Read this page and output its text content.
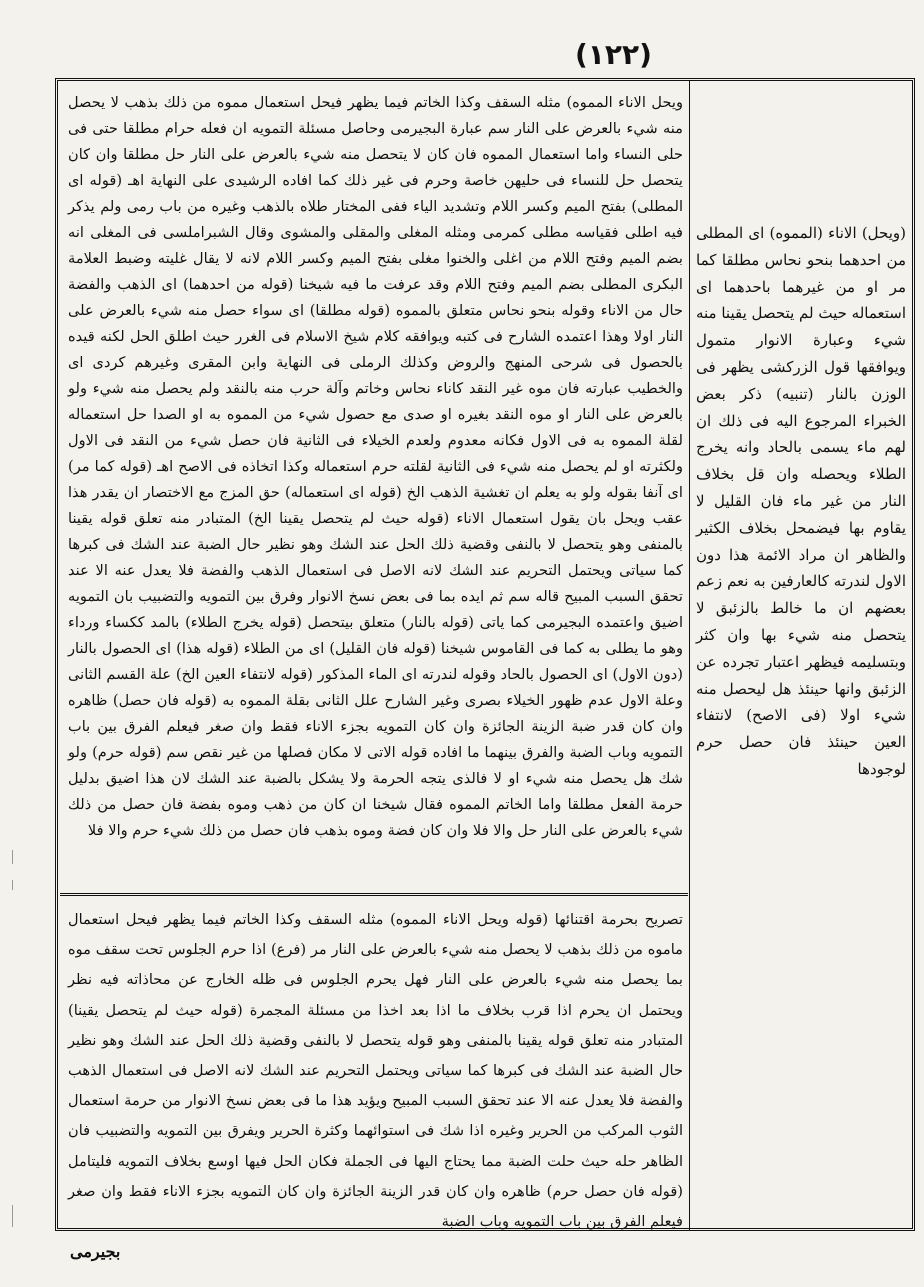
(١٢٢)

ويحل الاناء المموه) مثله السقف وكذا الخاتم فيما يظهر فيحل استعمال مموه من ذلك بذهب لا يحصل منه شيء بالعرض على النار سم عبارة البجيرمى وحاصل مسئلة التمويه ان فعله حرام مطلقا حتى فى حلى النساء واما استعمال المموه فان كان لا يتحصل منه شيء بالعرض على النار حل مطلقا وان كان يتحصل حل للنساء فى حليهن خاصة وحرم فى غير ذلك كما افاده الرشيدى على النهاية اهـ (قوله اى المطلى) بفتح الميم وكسر اللام وتشديد الياء ففى المختار طلاه بالذهب وغيره من باب رمى ولم يذكر فيه اطلى فقياسه مطلى كمرمى ومثله المغلى والمقلى والمشوى وقال الشبراملسى فى المغلى انه بضم الميم وفتح اللام من اغلى والخنوا مغلى بفتح الميم وكسر اللام لانه لا يقال غليته وضبط العلامة البكرى المطلى بضم الميم وفتح اللام وقد عرفت ما فيه شيخنا (قوله من احدهما) اى الذهب والفضة حال من الاناء وقوله بنحو نحاس متعلق بالمموه (قوله مطلقا) اى سواء حصل منه شيء بالعرض على النار اولا وهذا اعتمده الشارح فى كتبه ويوافقه كلام شيخ الاسلام فى الغرر حيث اطلق الحل لكنه قيده بالحصول فى شرحى المنهج والروض وكذلك الرملى فى النهاية وابن المقرى وغيرهم كردى اى والخطيب عبارته فان موه غير النقد كاناء نحاس وخاتم وآلة حرب منه بالنقد ولم يحصل منه شيء ولو بالعرض على النار او موه النقد بغيره او صدى مع حصول شيء من المموه به او الصدا حل استعماله لقلة المموه به فى الاول فكانه معدوم ولعدم الخيلاء فى الثانية فان حصل شيء من النقد فى الاول ولكثرته او لم يحصل منه شيء فى الثانية لقلته حرم استعماله وكذا اتخاذه فى الاصح اهـ (قوله كما مر) اى آنفا بقوله ولو به يعلم ان تغشية الذهب الخ (قوله اى استعماله) حق المزج مع الاختصار ان يقدر هذا عقب ويحل بان يقول استعمال الاناء (قوله حيث لم يتحصل يقينا الخ) المتبادر منه تعلق قوله يقينا بالمنفى وهو يتحصل لا بالنفى وقضية ذلك الحل عند الشك وهو نظير حال الضبة عند الشك فى كبرها كما سياتى ويحتمل التحريم عند الشك لانه الاصل فى استعمال الذهب والفضة فلا يعدل عنه الا عند تحقق السبب المبيح قاله سم ثم ايده بما فى بعض نسخ الانوار وفرق بين التمويه والتضبيب بان التمويه اضيق واعتمده البجيرمى كما ياتى (قوله بالنار) متعلق بيتحصل (قوله يخرج الطلاء) بالمد ككساء ورداء وهو ما يطلى به كما فى القاموس شيخنا (قوله فان القليل) اى من الطلاء (قوله هذا) اى الحصول بالنار (دون الاول) اى الحصول بالحاد وقوله لندرته اى الماء المذكور (قوله لانتفاء العين الخ) علة القسم الثانى وعلة الاول عدم ظهور الخيلاء بصرى وغير الشارح علل الثانى بقلة المموه به (قوله فان حصل) ظاهره وان كان قدر ضبة الزينة الجائزة وان كان التمويه بجزء الاناء فقط وان صغر فيعلم الفرق بين باب التمويه وباب الضبة والفرق بينهما ما افاده قوله الاتى لا مكان فصلها من غير نقص سم (قوله حرم) ولو شك هل يحصل منه شيء او لا فالذى يتجه الحرمة ولا يشكل بالضبة عند الشك لان هذا اضيق بدليل حرمة الفعل مطلقا واما الخاتم المموه فقال شيخنا ان كان من ذهب وموه بفضة فان حصل من ذلك شيء بالعرض على النار حل والا فلا وان كان فضة وموه بذهب فان حصل من ذلك شيء حرم والا فلا

تصريح بحرمة اقتنائها (قوله ويحل الاناء المموه) مثله السقف وكذا الخاتم فيما يظهر فيحل استعمال ماموه من ذلك بذهب لا يحصل منه شيء بالعرض على النار مر (فرع) اذا حرم الجلوس تحت سقف موه بما يحصل منه شيء بالعرض على النار فهل يحرم الجلوس فى ظله الخارج عن محاذاته فيه نظر ويحتمل ان يحرم اذا قرب بخلاف ما اذا بعد اخذا من مسئلة المجمرة (قوله حيث لم يتحصل يقينا) المتبادر منه تعلق قوله يقينا بالمنفى وهو قوله يتحصل لا بالنفى وقضية ذلك الحل عند الشك وهو نظير حال الضبة عند الشك فى كبرها كما سياتى ويحتمل التحريم عند الشك لانه الاصل فى استعمال الذهب والفضة فلا يعدل عنه الا عند تحقق السبب المبيح ويؤيد هذا ما فى بعض نسخ الانوار من حرمة استعمال الثوب المركب من الحرير وغيره اذا شك فى استوائهما وكثرة الحرير ويفرق بين التمويه والتضبيب فان الظاهر حله حيث حلت الضبة مما يحتاج اليها فى الجملة فكان الحل فيها اوسع بخلاف التمويه فليتامل (قوله فان حصل حرم) ظاهره وان كان قدر الزينة الجائزة وان كان التمويه بجزء الاناء فقط وان صغر فيعلم الفرق بين باب التمويه وباب الضبة

(ويحل) الاناء (المموه) اى المطلى من احدهما بنحو نحاس مطلقا كما مر او من غيرهما باحدهما اى استعماله حيث لم يتحصل يقينا منه شيء وعبارة الانوار متمول ويوافقها قول الزركشى يظهر فى الوزن بالنار (تنبيه) ذكر بعض الخبراء المرجوع اليه فى ذلك ان لهم ماء يسمى بالحاد وانه يخرج الطلاء ويحصله وان قل بخلاف النار من غير ماء فان القليل لا يقاوم بها فيضمحل بخلاف الكثير والظاهر ان مراد الائمة هذا دون الاول لندرته كالعارفين به نعم زعم بعضهم ان ما خالط بالزئبق لا يتحصل منه شيء بها وان كثر وبتسليمه فيظهر اعتبار تجرده عن الزئبق وانها حينئذ هل ليحصل منه شيء اولا (فى الاصح) لانتفاء العين حينئذ فان حصل حرم لوجودها

بجيرمى
